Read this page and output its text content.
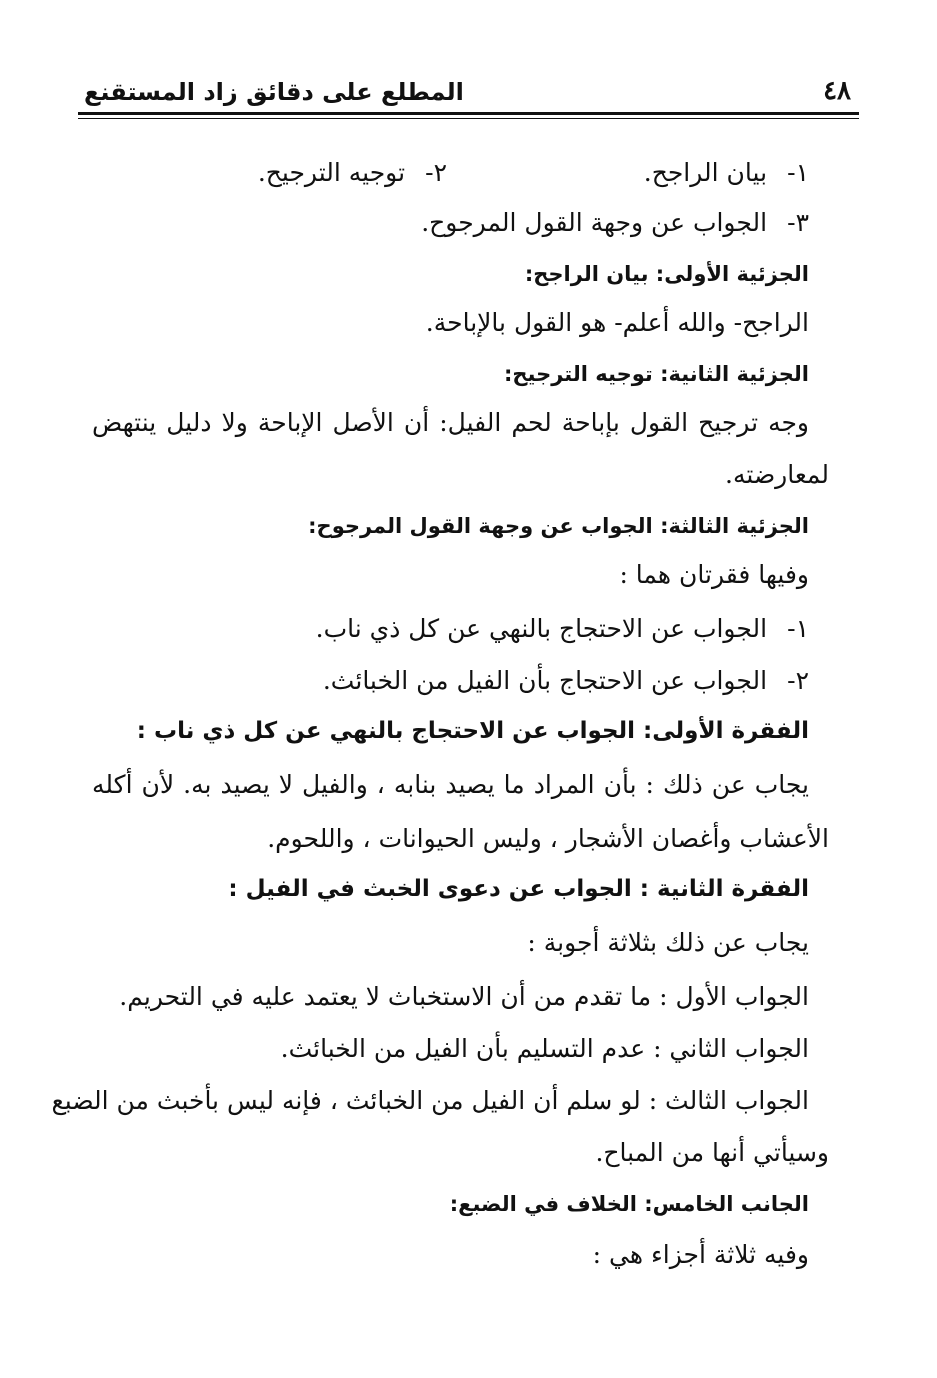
٤٨
المطلع على دقائق زاد المستقنع
١- بيان الراجح.
٢- توجيه الترجيح.
٣- الجواب عن وجهة القول المرجوح.
الجزئية الأولى: بيان الراجح:
الراجح- والله أعلم- هو القول بالإباحة.
الجزئية الثانية: توجيه الترجيح:
وجه ترجيح القول بإباحة لحم الفيل: أن الأصل الإباحة ولا دليل ينتهض
لمعارضته.
الجزئية الثالثة: الجواب عن وجهة القول المرجوح:
وفيها فقرتان هما :
١- الجواب عن الاحتجاج بالنهي عن كل ذي ناب.
٢- الجواب عن الاحتجاج بأن الفيل من الخبائث.
الفقرة الأولى: الجواب عن الاحتجاج بالنهي عن كل ذي ناب :
يجاب عن ذلك : بأن المراد ما يصيد بنابه ، والفيل لا يصيد به. لأن أكله
الأعشاب وأغصان الأشجار ، وليس الحيوانات ، واللحوم.
الفقرة الثانية : الجواب عن دعوى الخبث في الفيل :
يجاب عن ذلك بثلاثة أجوبة :
الجواب الأول : ما تقدم من أن الاستخباث لا يعتمد عليه في التحريم.
الجواب الثاني : عدم التسليم بأن الفيل من الخبائث.
الجواب الثالث : لو سلم أن الفيل من الخبائث ، فإنه ليس بأخبث من الضبع
وسيأتي أنها من المباح.
الجانب الخامس: الخلاف في الضبع:
وفيه ثلاثة أجزاء هي :
